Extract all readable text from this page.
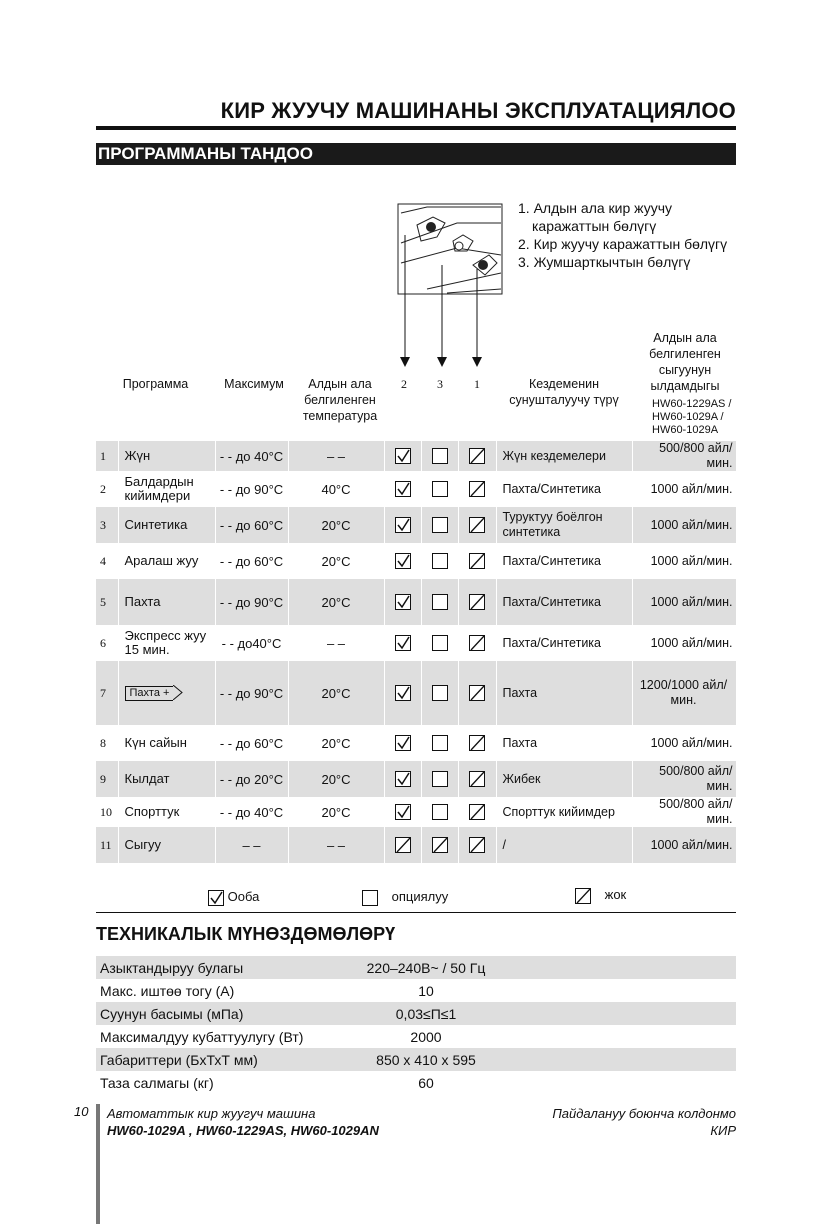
КИР ЖУУЧУ МАШИНАНЫ ЭКСПЛУАТАЦИЯЛОО
ПРОГРАММАНЫ ТАНДОО
1. Алдын ала кир жуучу
каражаттын бөлүгү
2. Кир жуучу каражаттын бөлүгү
3. Жумшарткычтын бөлүгү
Программа	Максимум	Алдын ала
белгиленген
температура
2	3	1	Кездеменин
сунушталуучу түрү
Алдын ала
белгиленген
сыгуунун
ылдамдыгы
HW60-1229AS /
HW60-1029A /
HW60-1029A
1	Жүн	- - до 40°C	– –				Жүн кездемелери	500/800 айл/мин.
2	Балдардын кийимдери	- - до 90°C	40°C				Пахта/Синтетика	1000 айл/мин.
3	Синтетика	- - до 60°C	20°C				Туруктуу боёлгон синтетика	1000 айл/мин.
4	Аралаш жуу	- - до 60°C	20°C				Пахта/Синтетика	1000 айл/мин.
5	Пахта	- - до 90°C	20°C				Пахта/Синтетика	1000 айл/мин.
6	Экспресс жуу 15 мин.	- - до40°C	– –				Пахта/Синтетика	1000 айл/мин.
7	Пахта +	- - до 90°C	20°C				Пахта	1200/1000 айл/мин.
8	Күн сайын	- - до 60°C	20°C				Пахта	1000 айл/мин.
9	Кылдат	- - до 20°C	20°C				Жибек	500/800 айл/мин.
10	Спорттук	- - до 40°C	20°C				Спорттук кийимдер	500/800 айл/мин.
11	Сыгуу	– –	– –				/	1000 айл/мин.
Ооба	опциялуу	жок
ТЕХНИКАЛЫК МҮНӨЗДӨМӨЛӨРҮ
Азыктандыруу булагы	220–240В~ / 50 Гц	
Макс. иштөө тогу (А)	10	
Суунун басымы (мПа)	0,03≤П≤1	
Максималдуу кубаттуулугу (Вт)	2000	
Габариттери (БхТхТ мм)	850 x 410 x 595	
Таза салмагы (кг)	60	
10 Автоматтык кир жуугуч машина
HW60-1029A , HW60-1229AS, HW60-1029AN
Пайдалануу боюнча колдонмо
КИР
